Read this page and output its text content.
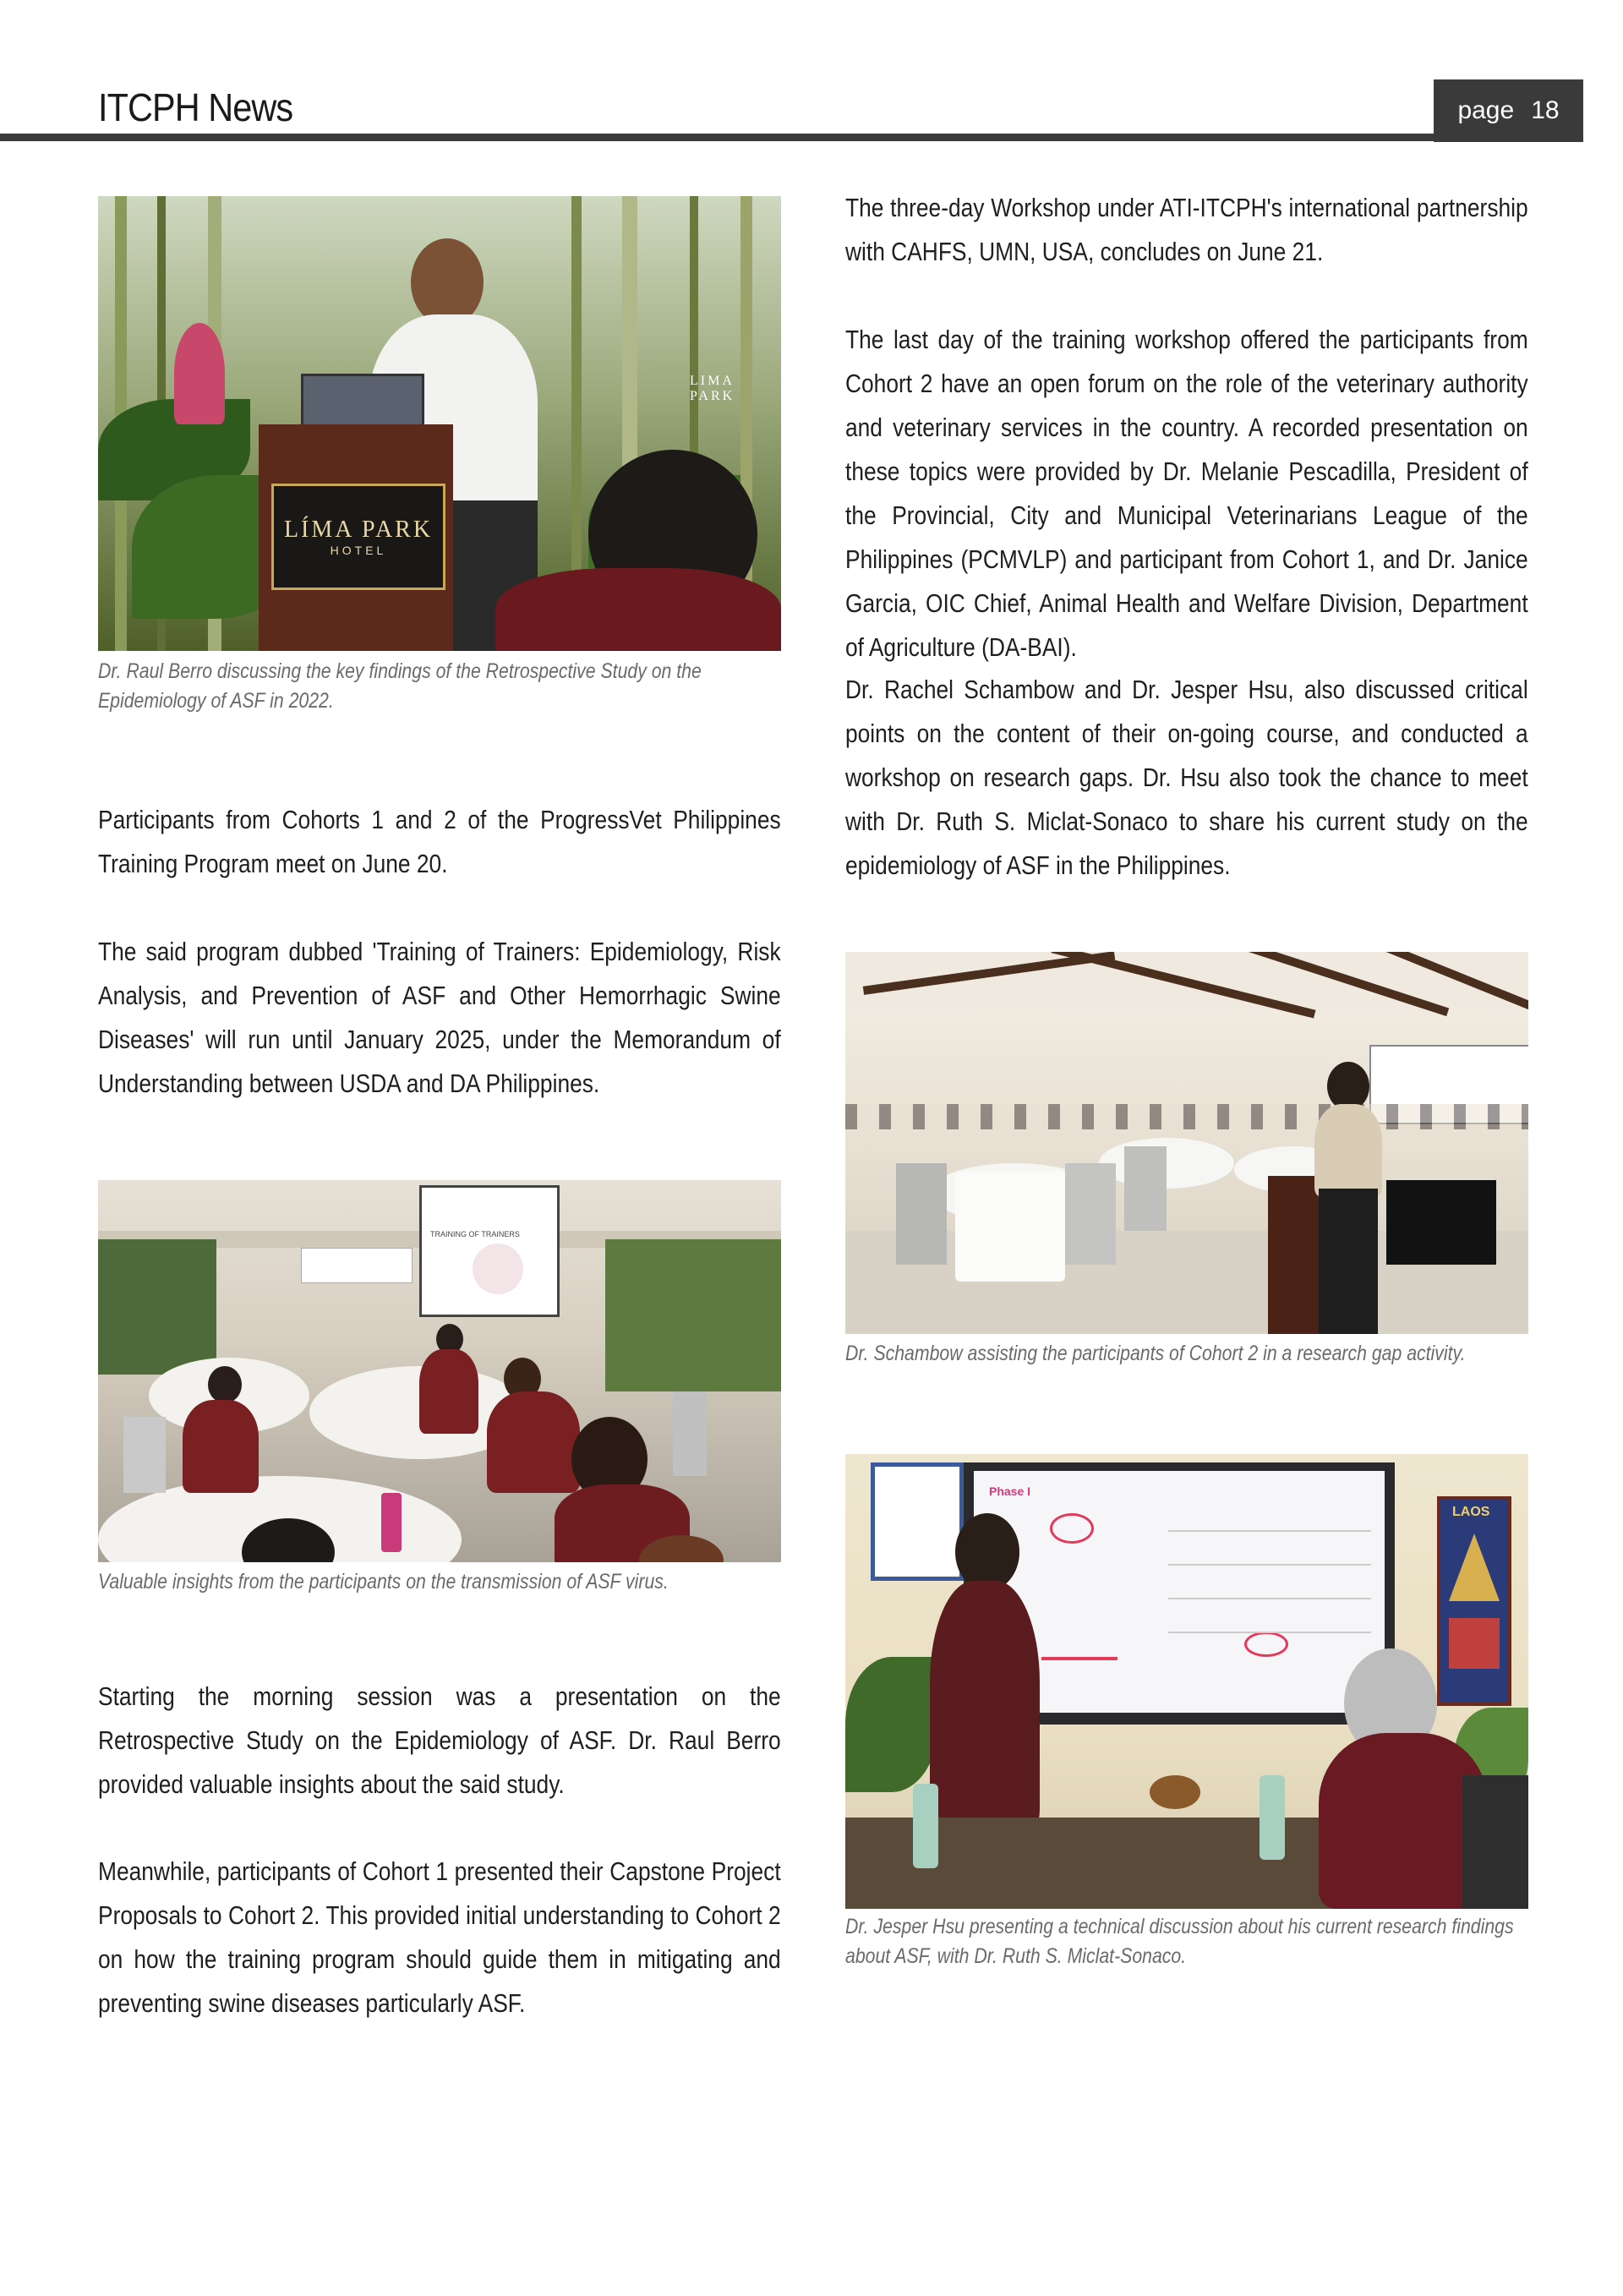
ITCPH News	page 18
LÍMA PARK
HOTEL
LIMA PARK
Dr. Raul Berro discussing the key findings of the Retrospective Study on the Epidemiology of ASF in 2022.
TRAINING OF TRAINERS
Valuable insights from the participants on the transmission of ASF virus.
Dr. Schambow assisting the participants of Cohort 2 in a research gap activity.
Phase I
LAOS
Dr. Jesper Hsu presenting a technical discussion about his current research findings about ASF, with Dr. Ruth S. Miclat-Sonaco.
Participants from Cohorts 1 and 2 of the ProgressVet Philippines Training Program meet on June 20.
The said program dubbed 'Training of Trainers: Epidemiology, Risk Analysis, and Prevention of ASF and Other Hemorrhagic Swine Diseases' will run until January 2025, under the Memorandum of Understanding between USDA and DA Philippines.
Starting the morning session was a presentation on the Retrospective Study on the Epidemiology of ASF. Dr. Raul Berro provided valuable insights about the said study.
Meanwhile, participants of Cohort 1 presented their Capstone Project Proposals to Cohort 2. This provided initial understanding to Cohort 2 on how the training program should guide them in mitigating and preventing swine diseases particularly ASF.
The three-day Workshop under ATI-ITCPH's international partnership with CAHFS, UMN, USA, concludes on June 21.
The last day of the training workshop offered the participants from Cohort 2 have an open forum on the role of the veterinary authority and veterinary services in the country. A recorded presentation on these topics were provided by Dr. Melanie Pescadilla, President of the Provincial, City and Municipal Veterinarians League of the Philippines (PCMVLP) and participant from Cohort 1, and Dr. Janice Garcia, OIC Chief, Animal Health and Welfare Division, Department of Agriculture (DA-BAI).
Dr. Rachel Schambow and Dr. Jesper Hsu, also discussed critical points on the content of their on-going course, and conducted a workshop on research gaps. Dr. Hsu also took the chance to meet with Dr. Ruth S. Miclat-Sonaco to share his current study on the epidemiology of ASF in the Philippines.
